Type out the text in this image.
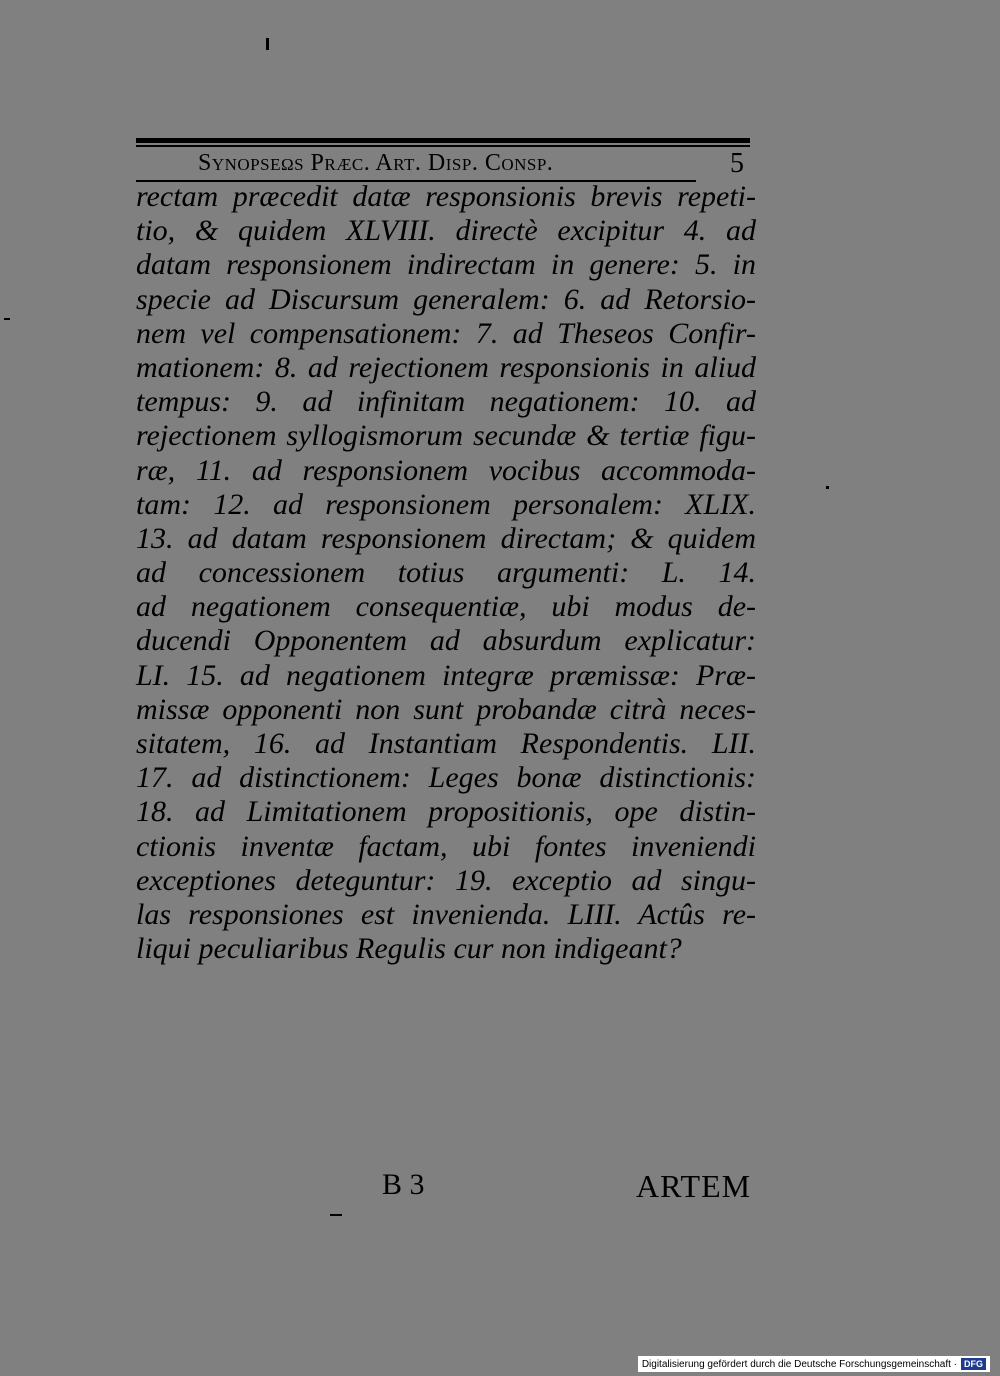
Synopsεωs Præc. Art. Disp. Consp.	5
rectam præcedit datæ responsionis brevis repeti-
tio, & quidem XLVIII. directè excipitur 4. ad
datam responsionem indirectam in genere: 5. in
specie ad Discursum generalem: 6. ad Retorsio-
nem vel compensationem: 7. ad Theseos Confir-
mationem: 8. ad rejectionem responsionis in aliud
tempus: 9. ad infinitam negationem: 10. ad
rejectionem syllogismorum secundæ & tertiæ figu-
ræ, 11. ad responsionem vocibus accommoda-
tam: 12. ad responsionem personalem: XLIX.
13. ad datam responsionem directam; & quidem
ad concessionem totius argumenti: L. 14.
ad negationem consequentiæ, ubi modus de-
ducendi Opponentem ad absurdum explicatur:
LI. 15. ad negationem integræ præmissæ: Præ-
missæ opponenti non sunt probandæ citrà neces-
sitatem, 16. ad Instantiam Respondentis. LII.
17. ad distinctionem: Leges bonæ distinctionis:
18. ad Limitationem propositionis, ope distin-
ctionis inventæ factam, ubi fontes inveniendi
exceptiones deteguntur: 19. exceptio ad singu-
las responsiones est invenienda. LIII. Actûs re-
liqui peculiaribus Regulis cur non indigeant?
B 3	ARTEM
Digitalisierung gefördert durch die Deutsche Forschungsgemeinschaft · DFG
